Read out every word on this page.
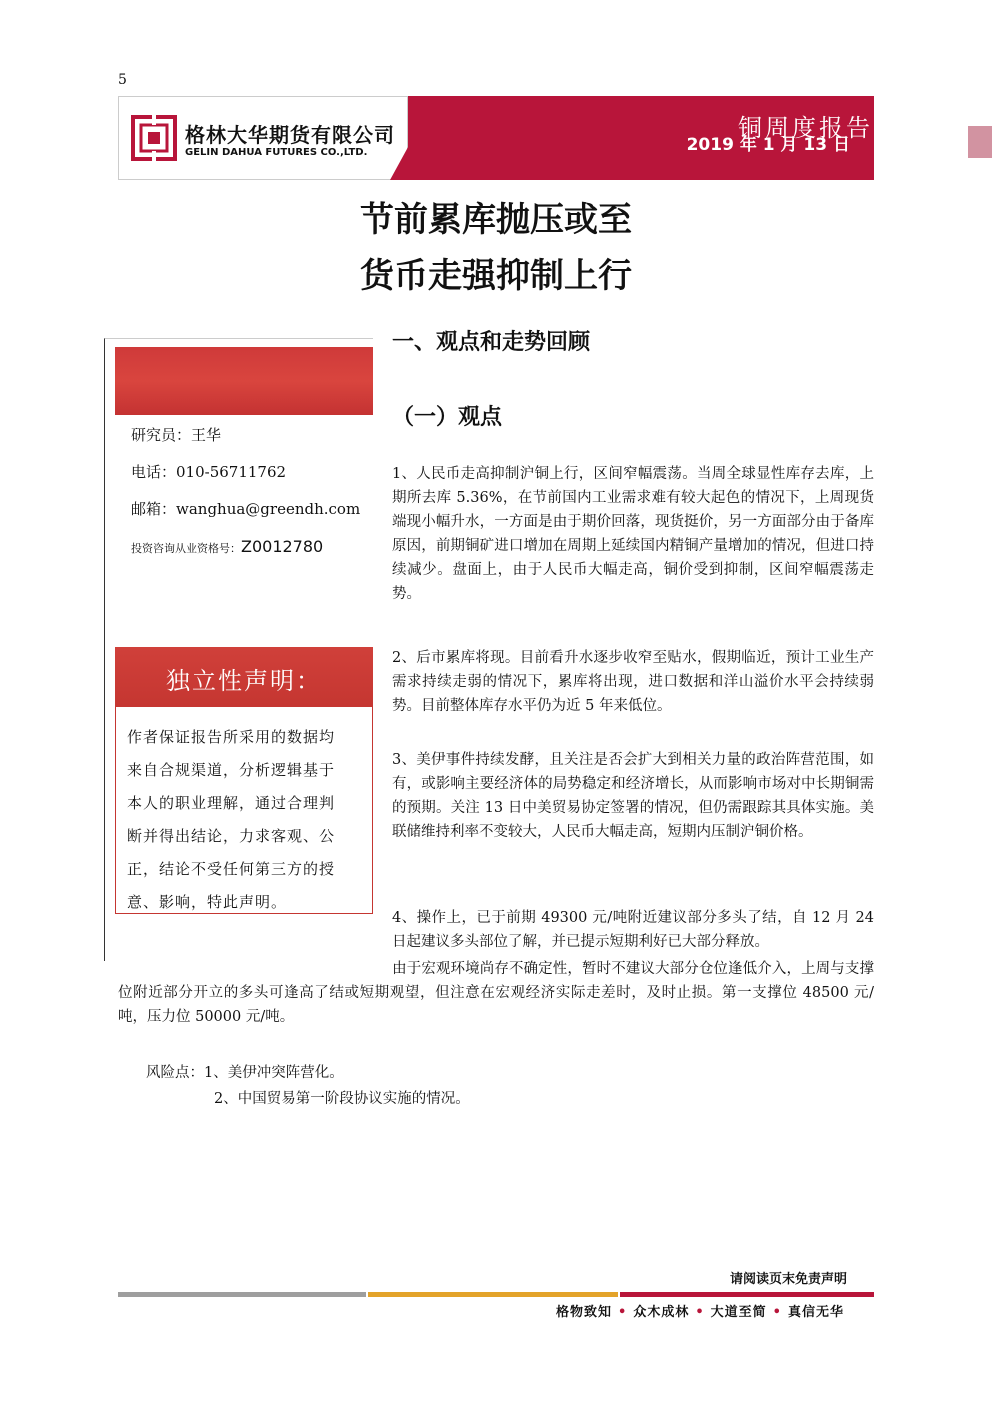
5
格林大华期货有限公司
GELIN DAHUA FUTURES CO.,LTD.
铜周度报告
2019 年 1 月 13 日
节前累库抛压或至
货币走强抑制上行
研究员：王华
电话：010-56711762
邮箱：wanghua@greendh.com
投资咨询从业资格号：Z0012780
独立性声明：
作者保证报告所采用的数据均来自合规渠道，分析逻辑基于本人的职业理解，通过合理判断并得出结论，力求客观、公正，结论不受任何第三方的授意、影响，特此声明。
一、观点和走势回顾
（一）观点
1、人民币走高抑制沪铜上行，区间窄幅震荡。当周全球显性库存去库，上期所去库 5.36%，在节前国内工业需求难有较大起色的情况下，上周现货端现小幅升水，一方面是由于期价回落，现货挺价，另一方面部分由于备库原因，前期铜矿进口增加在周期上延续国内精铜产量增加的情况，但进口持续减少。盘面上，由于人民币大幅走高，铜价受到抑制，区间窄幅震荡走势。
2、后市累库将现。目前看升水逐步收窄至贴水，假期临近，预计工业生产需求持续走弱的情况下，累库将出现，进口数据和洋山溢价水平会持续弱势。目前整体库存水平仍为近 5 年来低位。
3、美伊事件持续发酵，且关注是否会扩大到相关力量的政治阵营范围，如有，或影响主要经济体的局势稳定和经济增长，从而影响市场对中长期铜需的预期。关注 13 日中美贸易协定签署的情况，但仍需跟踪其具体实施。美联储维持利率不变较大，人民币大幅走高，短期内压制沪铜价格。
4、操作上，已于前期 49300 元/吨附近建议部分多头了结，自 12 月 24 日起建议多头部位了解，并已提示短期利好已大部分释放。
由于宏观环境尚存不确定性，暂时不建议大部分仓位逢低介入，上周与支撑位附近部分开立的多头可逢高了结或短期观望，但注意在宏观经济实际走差时，及时止损。第一支撑位 48500 元/吨，压力位 50000 元/吨。
风险点：1、美伊冲突阵营化。
2、中国贸易第一阶段协议实施的情况。
请阅读页末免责声明
格物致知 • 众木成林 • 大道至简 • 真信无华
